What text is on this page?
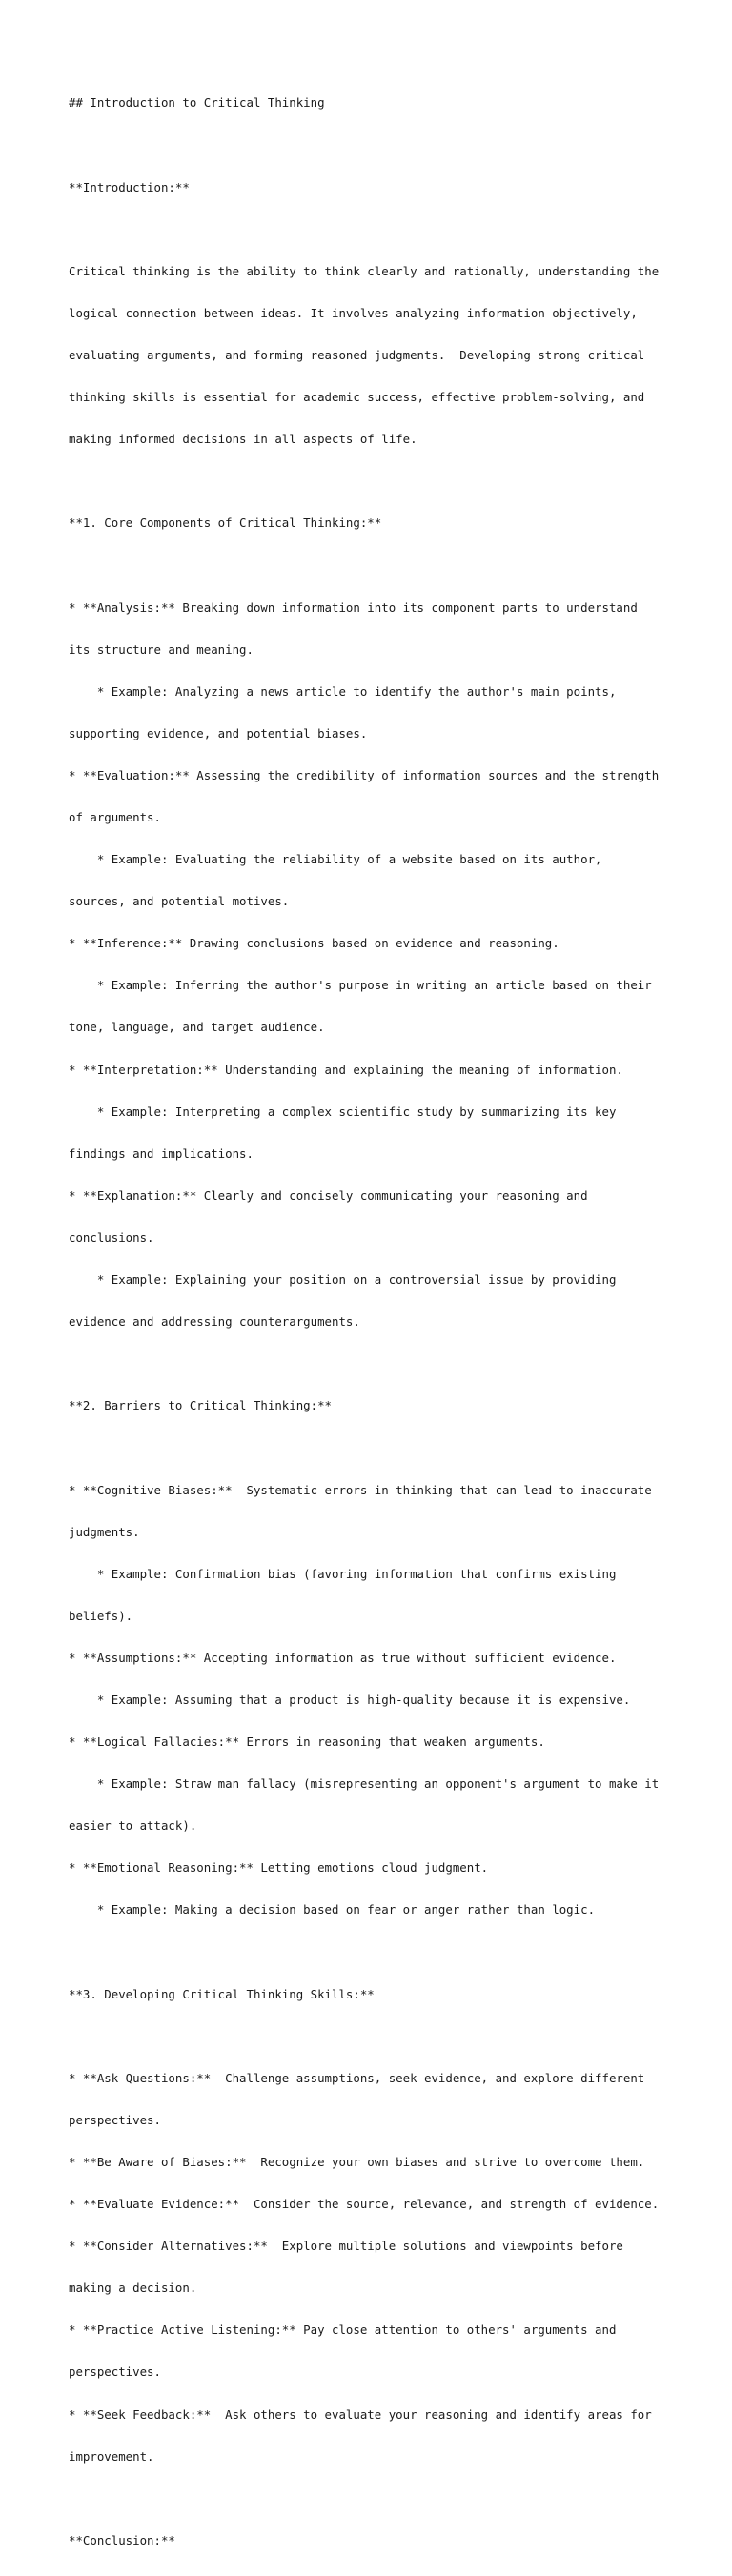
## Introduction to Critical Thinking

**Introduction:**

Critical thinking is the ability to think clearly and rationally, understanding the

logical connection between ideas. It involves analyzing information objectively,

evaluating arguments, and forming reasoned judgments.  Developing strong critical

thinking skills is essential for academic success, effective problem-solving, and

making informed decisions in all aspects of life.

**1. Core Components of Critical Thinking:**

* **Analysis:** Breaking down information into its component parts to understand

its structure and meaning.

* Example: Analyzing a news article to identify the author's main points,

supporting evidence, and potential biases.

* **Evaluation:** Assessing the credibility of information sources and the strength

of arguments.

* Example: Evaluating the reliability of a website based on its author,

sources, and potential motives.

* **Inference:** Drawing conclusions based on evidence and reasoning.

* Example: Inferring the author's purpose in writing an article based on their

tone, language, and target audience.

* **Interpretation:** Understanding and explaining the meaning of information.

* Example: Interpreting a complex scientific study by summarizing its key

findings and implications.

* **Explanation:** Clearly and concisely communicating your reasoning and

conclusions.

* Example: Explaining your position on a controversial issue by providing

evidence and addressing counterarguments.

**2. Barriers to Critical Thinking:**

* **Cognitive Biases:**  Systematic errors in thinking that can lead to inaccurate

judgments.

* Example: Confirmation bias (favoring information that confirms existing

beliefs).

* **Assumptions:** Accepting information as true without sufficient evidence.

* Example: Assuming that a product is high-quality because it is expensive.

* **Logical Fallacies:** Errors in reasoning that weaken arguments.

* Example: Straw man fallacy (misrepresenting an opponent's argument to make it

easier to attack).

* **Emotional Reasoning:** Letting emotions cloud judgment.

* Example: Making a decision based on fear or anger rather than logic.

**3. Developing Critical Thinking Skills:**

* **Ask Questions:**  Challenge assumptions, seek evidence, and explore different

perspectives.

* **Be Aware of Biases:**  Recognize your own biases and strive to overcome them.

* **Evaluate Evidence:**  Consider the source, relevance, and strength of evidence.

* **Consider Alternatives:**  Explore multiple solutions and viewpoints before

making a decision.

* **Practice Active Listening:** Pay close attention to others' arguments and

perspectives.

* **Seek Feedback:**  Ask others to evaluate your reasoning and identify areas for

improvement.

**Conclusion:**
